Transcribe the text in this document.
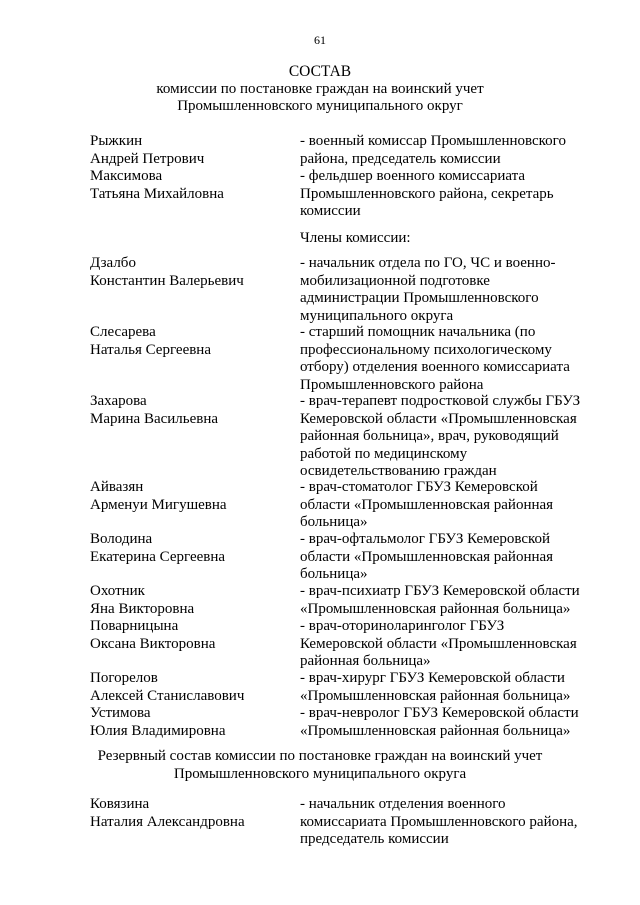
61
СОСТАВ
комиссии по постановке граждан на воинский учет
Промышленновского муниципального округ
Рыжкин
Андрей Петрович
- военный комиссар Промышленновского
района, председатель комиссии
Максимова
Татьяна Михайловна
- фельдшер военного комиссариата
Промышленновского района, секретарь
комиссии
Члены комиссии:
Дзалбо
Константин Валерьевич
- начальник отдела по ГО, ЧС и военно-
мобилизационной подготовке
администрации Промышленновского
муниципального округа
Слесарева
Наталья Сергеевна
- старший помощник начальника (по
профессиональному психологическому
отбору) отделения военного комиссариата
Промышленновского района
Захарова
Марина Васильевна
- врач-терапевт подростковой службы ГБУЗ
Кемеровской области «Промышленновская
районная больница», врач, руководящий
работой по медицинскому
освидетельствованию граждан
Айвазян
Арменуи Мигушевна
- врач-стоматолог ГБУЗ Кемеровской
области «Промышленновская районная
больница»
Володина
Екатерина Сергеевна
- врач-офтальмолог ГБУЗ Кемеровской
области «Промышленновская районная
больница»
Охотник
Яна Викторовна
- врач-психиатр ГБУЗ Кемеровской области
«Промышленновская районная больница»
Поварницына
Оксана Викторовна
- врач-оториноларинголог ГБУЗ
Кемеровской области «Промышленновская
районная больница»
Погорелов
Алексей Станиславович
- врач-хирург ГБУЗ Кемеровской области
«Промышленновская районная больница»
Устимова
Юлия Владимировна
- врач-невролог ГБУЗ Кемеровской области
«Промышленновская районная больница»
Резервный состав комиссии по постановке граждан на воинский учет
Промышленновского муниципального округа
Ковязина
Наталия Александровна
- начальник отделения военного
комиссариата Промышленновского района,
председатель комиссии
